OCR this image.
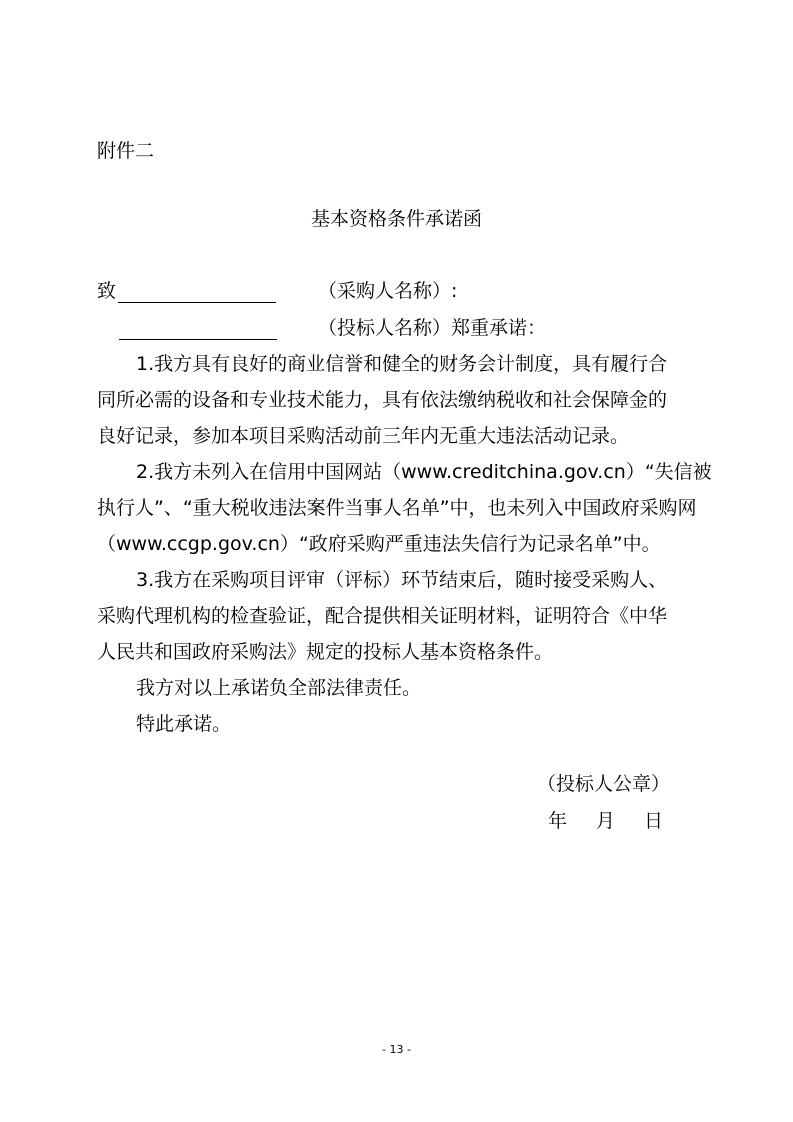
附件二
基本资格条件承诺函
致	（采购人名称）:
（投标人名称）郑重承诺：
1.我方具有良好的商业信誉和健全的财务会计制度，具有履行合
同所必需的设备和专业技术能力，具有依法缴纳税收和社会保障金的
良好记录，参加本项目采购活动前三年内无重大违法活动记录。
2.我方未列入在信用中国网站（www.creditchina.gov.cn）“失信被
执行人”、“重大税收违法案件当事人名单”中，也未列入中国政府采购网
（www.ccgp.gov.cn）“政府采购严重违法失信行为记录名单”中。
3.我方在采购项目评审（评标）环节结束后，随时接受采购人、
采购代理机构的检查验证，配合提供相关证明材料，证明符合《中华
人民共和国政府采购法》规定的投标人基本资格条件。
我方对以上承诺负全部法律责任。
特此承诺。
（投标人公章）
年 月 日
- 13 -
